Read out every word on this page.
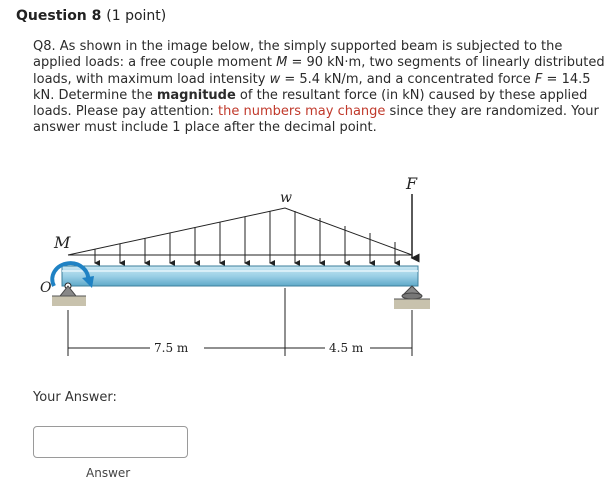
Question 8 (1 point)
Q8. As shown in the image below, the simply supported beam is subjected to the applied loads: a free couple moment M = 90 kN·m, two segments of linearly distributed loads, with maximum load intensity w = 5.4 kN/m, and a concentrated force F = 14.5 kN. Determine the magnitude of the resultant force (in kN) caused by these applied loads. Please pay attention: the numbers may change since they are randomized. Your answer must include 1 place after the decimal point.
M
O
w
F
7.5 m	4.5 m
Your Answer:
Answer
